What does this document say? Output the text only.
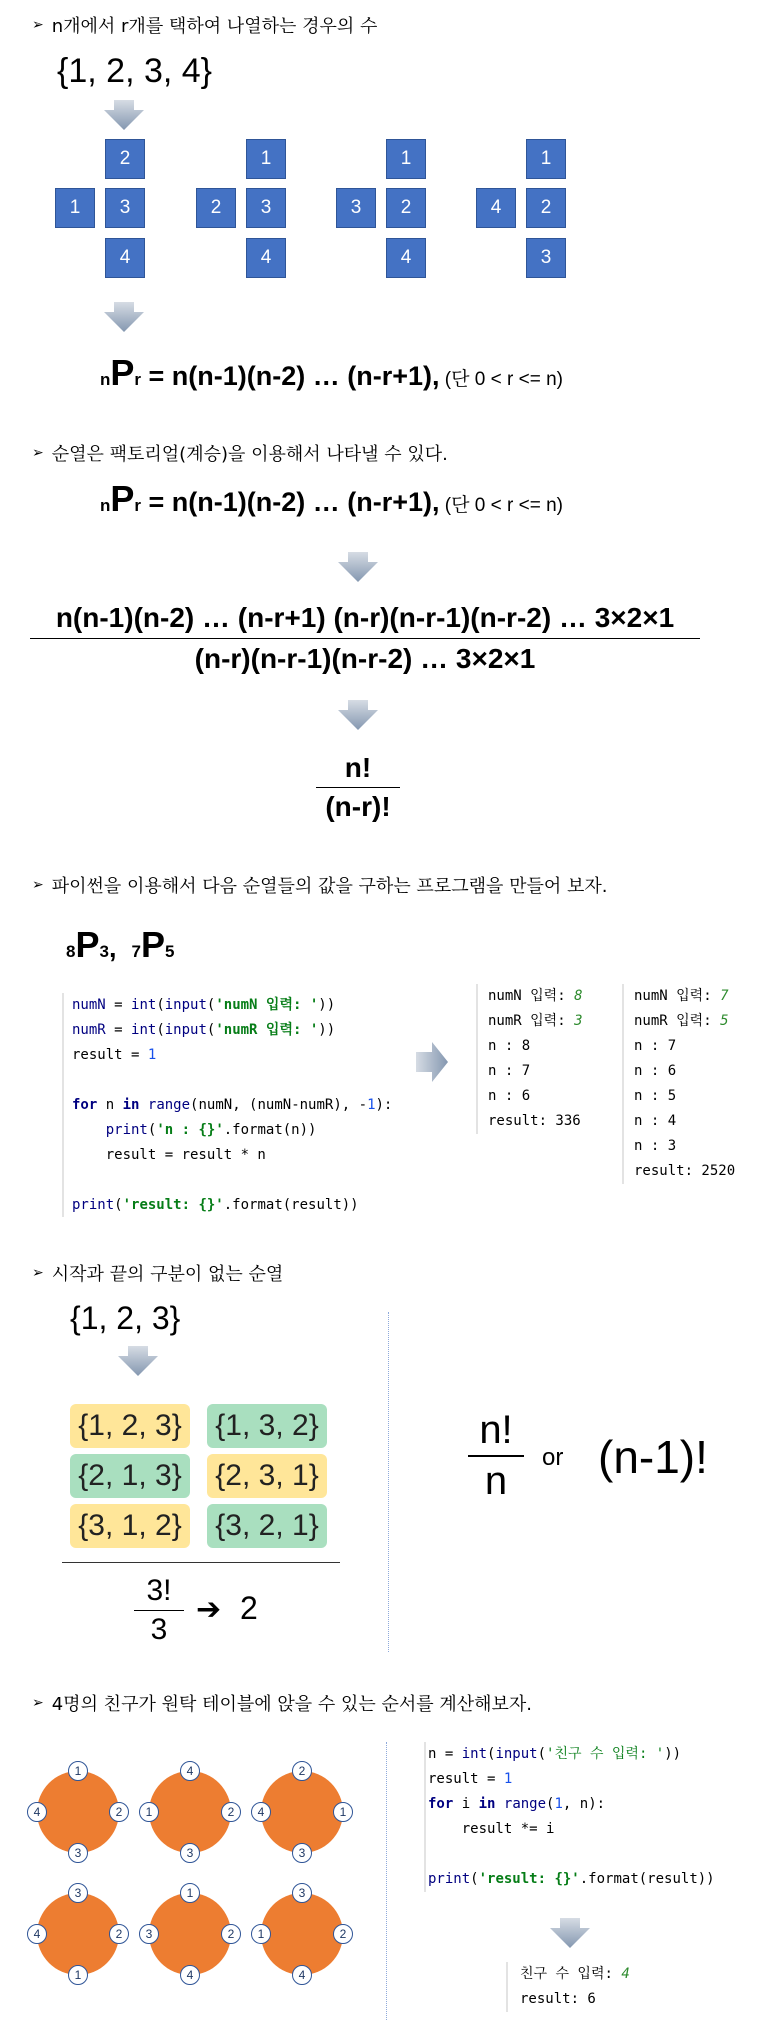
➢ n개에서 r개를 택하여 나열하는 경우의 수
{1, 2, 3, 4}
1
2
3
4
2
1
3
4
3
1
2
4
4
1
2
3
nPr = n(n-1)(n-2) … (n-r+1), (단 0 < r <= n)
➢ 순열은 팩토리얼(계승)을 이용해서 나타낼 수 있다.
nPr = n(n-1)(n-2) … (n-r+1), (단 0 < r <= n)
$\frac{n(n-1)(n-2) \dots (n-r+1) (n-r)(n-r-1)(n-r-2) \dots 3\times 2\times 1}{(n-r)(n-r-1)(n-r-2) \dots 3\times 2\times 1}$
$\frac{n!}{(n-r)!}$
➢ 파이썬을 이용해서 다음 순열들의 값을 구하는 프로그램을 만들어 보자.
8P3, 7P5
numN = int(input('numN 입력: '))
numR = int(input('numR 입력: '))
result = 1

for n in range(numN, (numN-numR), -1):
print('n : {}'.format(n))
result = result * n

print('result: {}'.format(result))
numN 입력: 8
numR 입력: 3
n : 8
n : 7
n : 6
result: 336
numN 입력: 7
numR 입력: 5
n : 7
n : 6
n : 5
n : 4
n : 3
result: 2520
➢ 시작과 끝의 구분이 없는 순열
{1, 2, 3}
{1, 2, 3} {1, 3, 2}
{2, 1, 3} {2, 3, 1}
{3, 1, 2} {3, 2, 1}
3!
3
➔ 2
n!
n
or (n-1)!
➢ 4명의 친구가 원탁 테이블에 앉을 수 있는 순서를 계산해보자.
1
2
3
4
4
2
3
1
2
1
3
4
3
2
1
4
1
2
4
3
3
2
4
1
n = int(input('친구 수 입력: '))
result = 1
for i in range(1, n):
result *= i

print('result: {}'.format(result))
친구 수 입력: 4
result: 6
